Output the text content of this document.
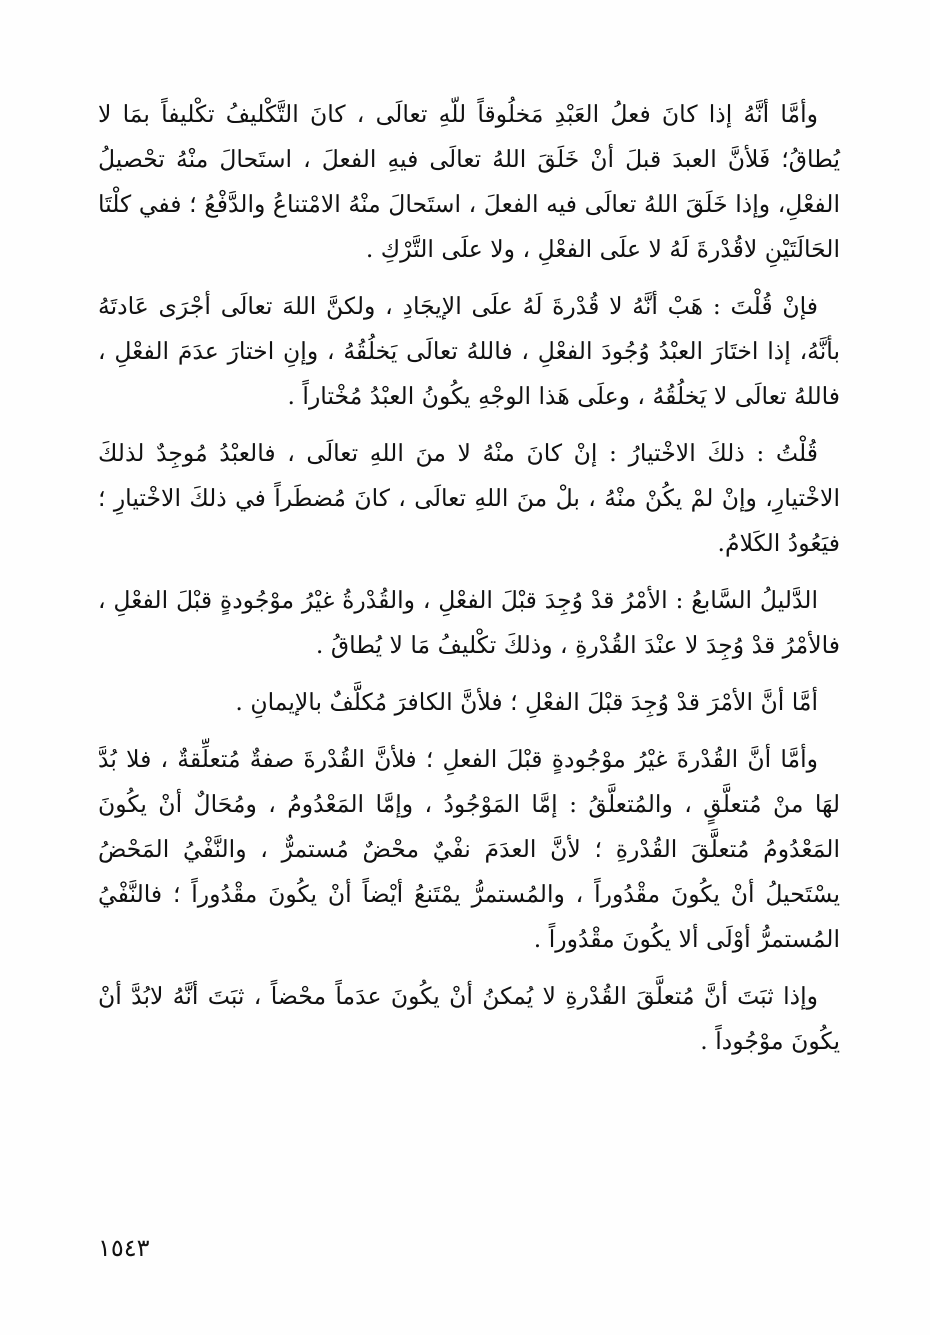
وأمَّا أنَّهُ إذا كانَ فعلُ العَبْدِ مَخلُوقاً للّهِ تعالَى ، كانَ التَّكْليفُ تكْليفاً بمَا لا يُطاقُ؛ فَلأنَّ العبدَ قبلَ أنْ خَلَقَ اللهُ تعالَى فيهِ الفعلَ ، استَحالَ منْهُ تحْصيلُ الفعْلِ، وإذا خَلَقَ اللهُ تعالَى فيه الفعلَ ، استَحالَ منْهُ الامْتناعُ والدَّفْعُ ؛ ففي كلْتَا الحَالَتَيْنِ لاقُدْرةَ لَهُ لا علَى الفعْلِ ، ولا علَى التَّرْكِ .

فإنْ قُلْتَ : هَبْ أنَّهُ لا قُدْرةَ لَهُ علَى الإيجَادِ ، ولكنَّ اللهَ تعالَى أجْرَى عَادتَهُ بأنَّهُ، إذا اختَارَ العبْدُ وُجُودَ الفعْلِ ، فاللهُ تعالَى يَخلُقُهُ ، وإنِ اختارَ عدَمَ الفعْلِ ، فاللهُ تعالَى لا يَخلُقُهُ ، وعلَى هَذا الوجْهِ يكُونُ العبْدُ مُخْتاراً .

قُلْتُ : ذلكَ الاخْتيارُ : إنْ كانَ منْهُ لا منَ اللهِ تعالَى ، فالعبْدُ مُوجِدٌ لذلكَ الاخْتيارِ، وإنْ لمْ يكُنْ منْهُ ، بلْ منَ اللهِ تعالَى ، كانَ مُضطَراً في ذلكَ الاخْتيارِ ؛ فيَعُودُ الكَلامُ.

الدَّليلُ السَّابعُ : الأمْرُ قدْ وُجِدَ قبْلَ الفعْلِ ، والقُدْرةُ غيْرُ موْجُودةٍ قبْلَ الفعْلِ ، فالأمْرُ قدْ وُجِدَ لا عنْدَ القُدْرةِ ، وذلكَ تكْليفُ مَا لا يُطاقُ .

أمَّا أنَّ الأمْرَ قدْ وُجِدَ قبْلَ الفعْلِ ؛ فلأنَّ الكافرَ مُكلَّفٌ بالإيمانِ .

وأمَّا أنَّ القُدْرةَ غيْرُ موْجُودةٍ قبْلَ الفعلِ ؛ فلأنَّ القُدْرةَ صفةٌ مُتعلِّقةٌ ، فلا بُدَّ لهَا منْ مُتعلَّقٍ ، والمُتعلَّقُ : إمَّا المَوْجُودُ ، وإمَّا المَعْدُومُ ، ومُحَالٌ أنْ يكُونَ المَعْدُومُ مُتعلَّقَ القُدْرةِ ؛ لأنَّ العدَمَ نفْيٌ محْضٌ مُستمرٌّ ، والنَّفْيُ المَحْضُ يسْتَحيلُ أنْ يكُونَ مقْدُوراً ، والمُستمرُّ يمْتَنعُ أيْضاً أنْ يكُونَ مقْدُوراً ؛ فالنَّفْيُ المُستمرُّ أوْلَى ألا يكُونَ مقْدُوراً .

وإذا ثبَتَ أنَّ مُتعلَّقَ القُدْرةِ لا يُمكنُ أنْ يكُونَ عدَماً محْضاً ، ثبَتَ أنَّهُ لابُدَّ أنْ يكُونَ موْجُوداً .

١٥٤٣
